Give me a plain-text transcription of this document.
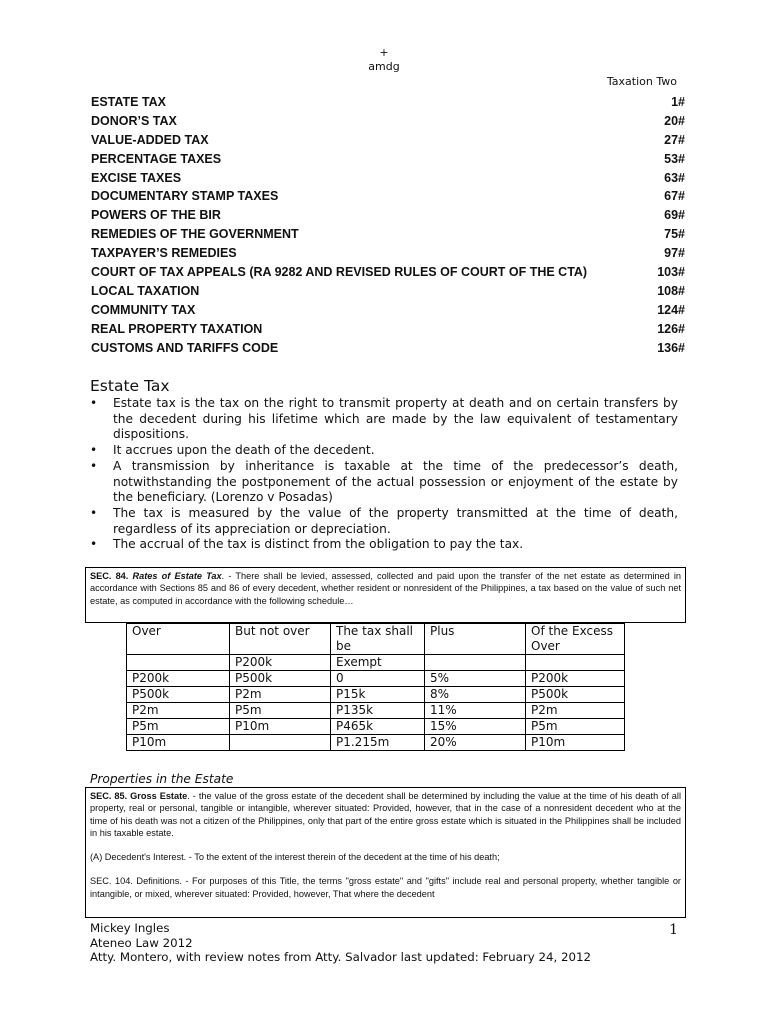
+
amdg
Taxation Two
ESTATE TAX	1#
DONOR’S TAX	20#
VALUE-ADDED TAX	27#
PERCENTAGE TAXES	53#
EXCISE TAXES	63#
DOCUMENTARY STAMP TAXES	67#
POWERS OF THE BIR	69#
REMEDIES OF THE GOVERNMENT	75#
TAXPAYER’S REMEDIES	97#
COURT OF TAX APPEALS (RA 9282 AND REVISED RULES OF COURT OF THE CTA)	103#
LOCAL TAXATION	108#
COMMUNITY TAX	124#
REAL PROPERTY TAXATION	126#
CUSTOMS AND TARIFFS CODE	136#
Estate Tax
• Estate tax is the tax on the right to transmit property at death and on certain transfers by the decedent during his lifetime which are made by the law equivalent of testamentary dispositions.
• It accrues upon the death of the decedent.
• A transmission by inheritance is taxable at the time of the predecessor’s death, notwithstanding the postponement of the actual possession or enjoyment of the estate by the beneficiary. (Lorenzo v Posadas)
• The tax is measured by the value of the property transmitted at the time of death, regardless of its appreciation or depreciation.
• The accrual of the tax is distinct from the obligation to pay the tax.
SEC. 84. Rates of Estate Tax. - There shall be levied, assessed, collected and paid upon the transfer of the net estate as determined in accordance with Sections 85 and 86 of every decedent, whether resident or nonresident of the Philippines, a tax based on the value of such net estate, as computed in accordance with the following schedule…
Over	But not over	The tax shall be	Plus	Of the Excess Over
	P200k	Exempt		
P200k	P500k	0	5%	P200k
P500k	P2m	P15k	8%	P500k
P2m	P5m	P135k	11%	P2m
P5m	P10m	P465k	15%	P5m
P10m		P1.215m	20%	P10m
Properties in the Estate
SEC. 85. Gross Estate. - the value of the gross estate of the decedent shall be determined by including the value at the time of his death of all property, real or personal, tangible or intangible, wherever situated: Provided, however, that in the case of a nonresident decedent who at the time of his death was not a citizen of the Philippines, only that part of the entire gross estate which is situated in the Philippines shall be included in his taxable estate.
(A) Decedent's Interest. - To the extent of the interest therein of the decedent at the time of his death;
SEC. 104. Definitions. - For purposes of this Title, the terms "gross estate" and "gifts" include real and personal property, whether tangible or intangible, or mixed, wherever situated: Provided, however, That where the decedent
Mickey Ingles
Ateneo Law 2012
Atty. Montero, with review notes from Atty. Salvador last updated: February 24, 2012
1
